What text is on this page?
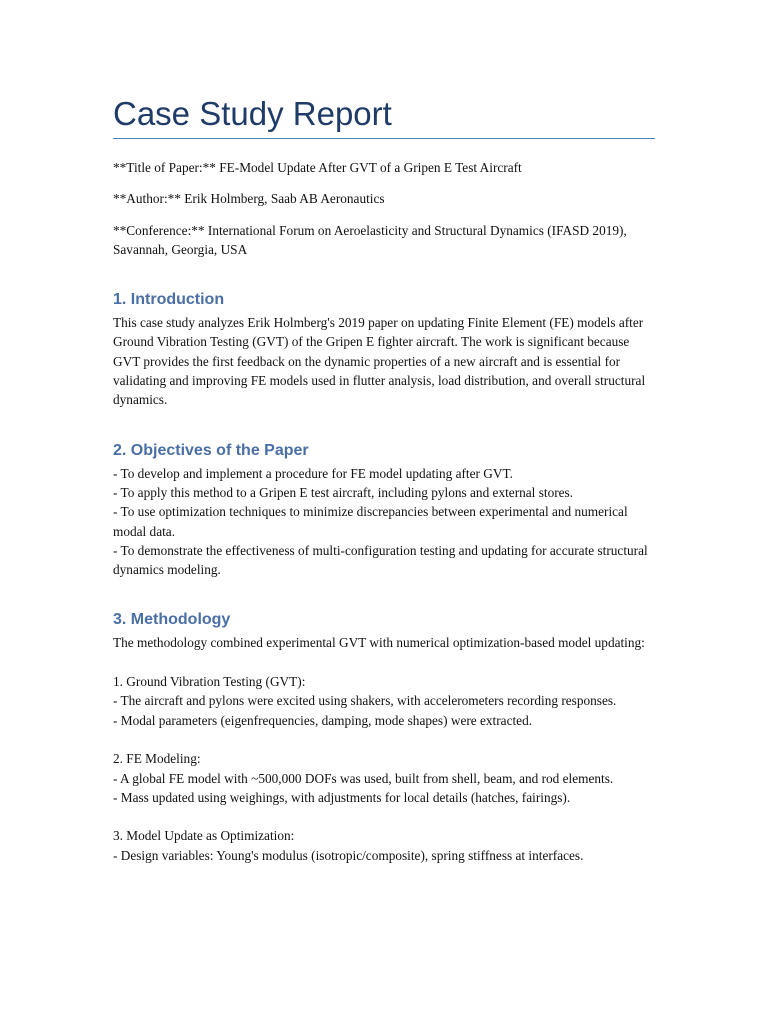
Case Study Report

**Title of Paper:** FE-Model Update After GVT of a Gripen E Test Aircraft

**Author:** Erik Holmberg, Saab AB Aeronautics

**Conference:** International Forum on Aeroelasticity and Structural Dynamics (IFASD 2019), Savannah, Georgia, USA

1. Introduction

This case study analyzes Erik Holmberg's 2019 paper on updating Finite Element (FE) models after Ground Vibration Testing (GVT) of the Gripen E fighter aircraft. The work is significant because GVT provides the first feedback on the dynamic properties of a new aircraft and is essential for validating and improving FE models used in flutter analysis, load distribution, and overall structural dynamics.

2. Objectives of the Paper

- To develop and implement a procedure for FE model updating after GVT.

- To apply this method to a Gripen E test aircraft, including pylons and external stores.

- To use optimization techniques to minimize discrepancies between experimental and numerical modal data.

- To demonstrate the effectiveness of multi-configuration testing and updating for accurate structural dynamics modeling.

3. Methodology

The methodology combined experimental GVT with numerical optimization-based model updating:

1. Ground Vibration Testing (GVT):

- The aircraft and pylons were excited using shakers, with accelerometers recording responses.

- Modal parameters (eigenfrequencies, damping, mode shapes) were extracted.

2. FE Modeling:

- A global FE model with ~500,000 DOFs was used, built from shell, beam, and rod elements.

- Mass updated using weighings, with adjustments for local details (hatches, fairings).

3. Model Update as Optimization:

- Design variables: Young's modulus (isotropic/composite), spring stiffness at interfaces.
